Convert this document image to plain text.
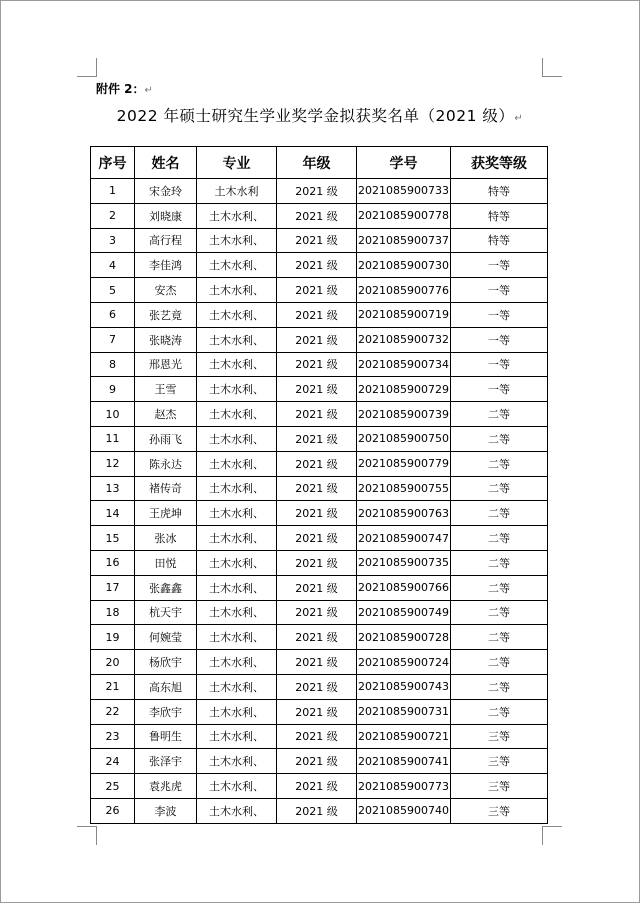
附件 2：↵
2022 年硕士研究生学业奖学金拟获奖名单（2021 级）↵
序号	姓名	专业	年级	学号	获奖等级
1	宋金玲	土木水利	2021 级	2021085900733	特等
2	刘晓康	土木水利、	2021 级	2021085900778	特等
3	高行程	土木水利、	2021 级	2021085900737	特等
4	李佳鸿	土木水利、	2021 级	2021085900730	一等
5	安杰	土木水利、	2021 级	2021085900776	一等
6	张艺竟	土木水利、	2021 级	2021085900719	一等
7	张晓涛	土木水利、	2021 级	2021085900732	一等
8	邢恩光	土木水利、	2021 级	2021085900734	一等
9	王雪	土木水利、	2021 级	2021085900729	一等
10	赵杰	土木水利、	2021 级	2021085900739	二等
11	孙雨飞	土木水利、	2021 级	2021085900750	二等
12	陈永达	土木水利、	2021 级	2021085900779	二等
13	褚传奇	土木水利、	2021 级	2021085900755	二等
14	王虎坤	土木水利、	2021 级	2021085900763	二等
15	张冰	土木水利、	2021 级	2021085900747	二等
16	田悦	土木水利、	2021 级	2021085900735	二等
17	张鑫鑫	土木水利、	2021 级	2021085900766	二等
18	杭天宇	土木水利、	2021 级	2021085900749	二等
19	何婉莹	土木水利、	2021 级	2021085900728	二等
20	杨欣宇	土木水利、	2021 级	2021085900724	二等
21	高东旭	土木水利、	2021 级	2021085900743	二等
22	李欣宇	土木水利、	2021 级	2021085900731	二等
23	鲁明生	土木水利、	2021 级	2021085900721	三等
24	张泽宇	土木水利、	2021 级	2021085900741	三等
25	袁兆虎	土木水利、	2021 级	2021085900773	三等
26	李波	土木水利、	2021 级	2021085900740	三等
